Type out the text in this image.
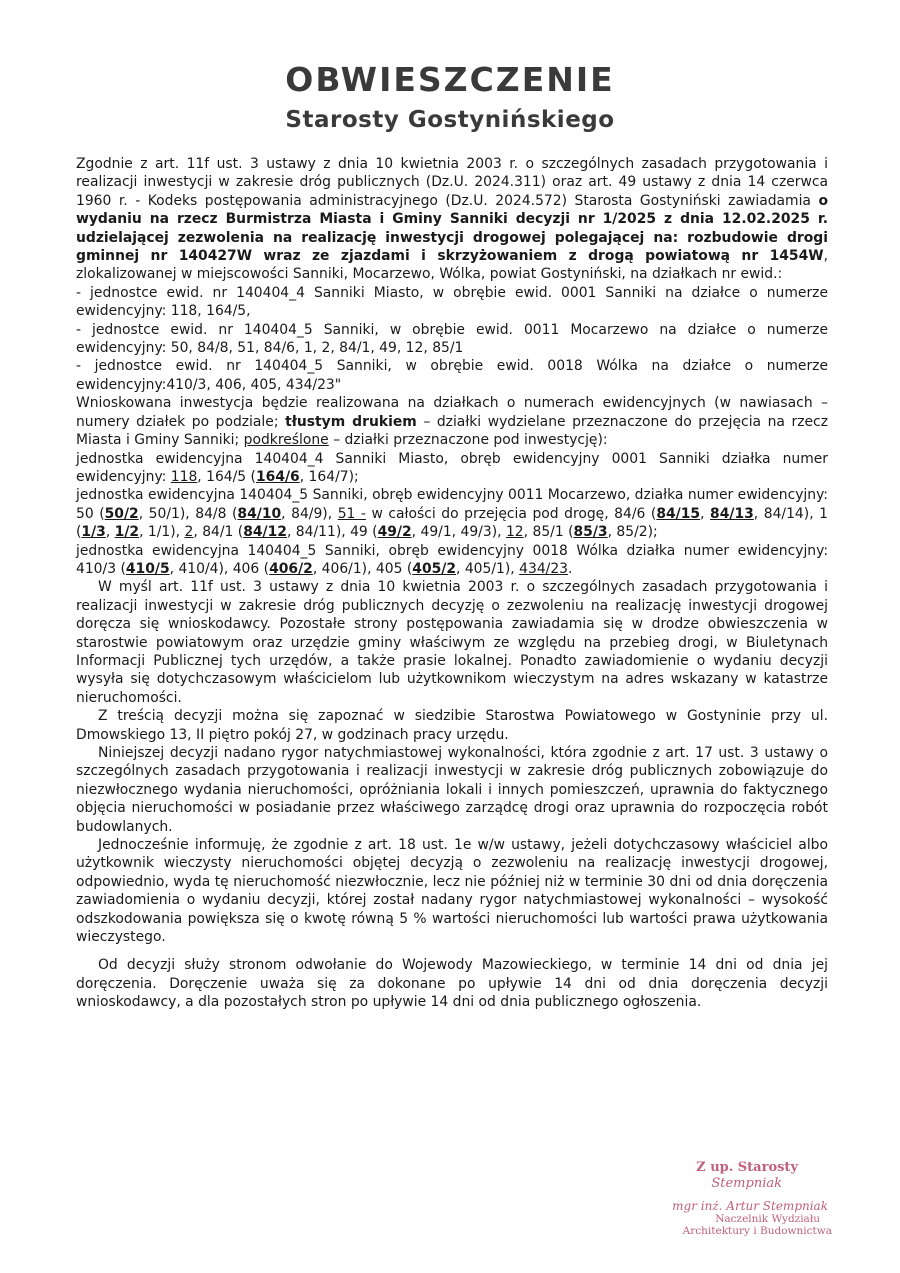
OBWIESZCZENIE
Starosty Gostynińskiego

Zgodnie z art. 11f ust. 3 ustawy z dnia 10 kwietnia 2003 r. o szczególnych zasadach przygotowania i realizacji inwestycji w zakresie dróg publicznych (Dz.U. 2024.311) oraz art. 49 ustawy z dnia 14 czerwca 1960 r. - Kodeks postępowania administracyjnego (Dz.U. 2024.572) Starosta Gostyniński zawiadamia o wydaniu na rzecz Burmistrza Miasta i Gminy Sanniki decyzji nr 1/2025 z dnia 12.02.2025 r. udzielającej zezwolenia na realizację inwestycji drogowej polegającej na: rozbudowie drogi gminnej nr 140427W wraz ze zjazdami i skrzyżowaniem z drogą powiatową nr 1454W, zlokalizowanej w miejscowości Sanniki, Mocarzewo, Wólka, powiat Gostyniński, na działkach nr ewid.:

- jednostce ewid. nr 140404_4 Sanniki Miasto, w obrębie ewid. 0001 Sanniki na działce o numerze ewidencyjny: 118, 164/5,

- jednostce ewid. nr 140404_5 Sanniki, w obrębie ewid. 0011 Mocarzewo na działce o numerze ewidencyjny: 50, 84/8, 51, 84/6, 1, 2, 84/1, 49, 12, 85/1

- jednostce ewid. nr 140404_5 Sanniki, w obrębie ewid. 0018 Wólka na działce o numerze ewidencyjny:410/3, 406, 405, 434/23"

Wnioskowana inwestycja będzie realizowana na działkach o numerach ewidencyjnych (w nawiasach – numery działek po podziale; tłustym drukiem – działki wydzielane przeznaczone do przejęcia na rzecz Miasta i Gminy Sanniki; podkreślone – działki przeznaczone pod inwestycję):

jednostka ewidencyjna 140404_4 Sanniki Miasto, obręb ewidencyjny 0001 Sanniki działka numer ewidencyjny: 118, 164/5 (164/6, 164/7);

jednostka ewidencyjna 140404_5 Sanniki, obręb ewidencyjny 0011 Mocarzewo, działka numer ewidencyjny: 50 (50/2, 50/1), 84/8 (84/10, 84/9), 51 - w całości do przejęcia pod drogę, 84/6 (84/15, 84/13, 84/14), 1 (1/3, 1/2, 1/1), 2, 84/1 (84/12, 84/11), 49 (49/2, 49/1, 49/3), 12, 85/1 (85/3, 85/2);

jednostka ewidencyjna 140404_5 Sanniki, obręb ewidencyjny 0018 Wólka działka numer ewidencyjny: 410/3 (410/5, 410/4), 406 (406/2, 406/1), 405 (405/2, 405/1), 434/23.

W myśl art. 11f ust. 3 ustawy z dnia 10 kwietnia 2003 r. o szczególnych zasadach przygotowania i realizacji inwestycji w zakresie dróg publicznych decyzję o zezwoleniu na realizację inwestycji drogowej doręcza się wnioskodawcy. Pozostałe strony postępowania zawiadamia się w drodze obwieszczenia w starostwie powiatowym oraz urzędzie gminy właściwym ze względu na przebieg drogi, w Biuletynach Informacji Publicznej tych urzędów, a także prasie lokalnej. Ponadto zawiadomienie o wydaniu decyzji wysyła się dotychczasowym właścicielom lub użytkownikom wieczystym na adres wskazany w katastrze nieruchomości.

Z treścią decyzji można się zapoznać w siedzibie Starostwa Powiatowego w Gostyninie przy ul. Dmowskiego 13, II piętro pokój 27, w godzinach pracy urzędu.

Niniejszej decyzji nadano rygor natychmiastowej wykonalności, która zgodnie z art. 17 ust. 3 ustawy o szczególnych zasadach przygotowania i realizacji inwestycji w zakresie dróg publicznych zobowiązuje do niezwłocznego wydania nieruchomości, opróżniania lokali i innych pomieszczeń, uprawnia do faktycznego objęcia nieruchomości w posiadanie przez właściwego zarządcę drogi oraz uprawnia do rozpoczęcia robót budowlanych.

Jednocześnie informuję, że zgodnie z art. 18 ust. 1e w/w ustawy, jeżeli dotychczasowy właściciel albo użytkownik wieczysty nieruchomości objętej decyzją o zezwoleniu na realizację inwestycji drogowej, odpowiednio, wyda tę nieruchomość niezwłocznie, lecz nie później niż w terminie 30 dni od dnia doręczenia zawiadomienia o wydaniu decyzji, której został nadany rygor natychmiastowej wykonalności – wysokość odszkodowania powiększa się o kwotę równą 5 % wartości nieruchomości lub wartości prawa użytkowania wieczystego.

Od decyzji służy stronom odwołanie do Wojewody Mazowieckiego, w terminie 14 dni od dnia jej doręczenia. Doręczenie uważa się za dokonane po upływie 14 dni od dnia doręczenia decyzji wnioskodawcy, a dla pozostałych stron po upływie 14 dni od dnia publicznego ogłoszenia.

Z up. Starosty
Stempniak
mgr inż. Artur Stempniak
Naczelnik Wydziału
Architektury i Budownictwa
